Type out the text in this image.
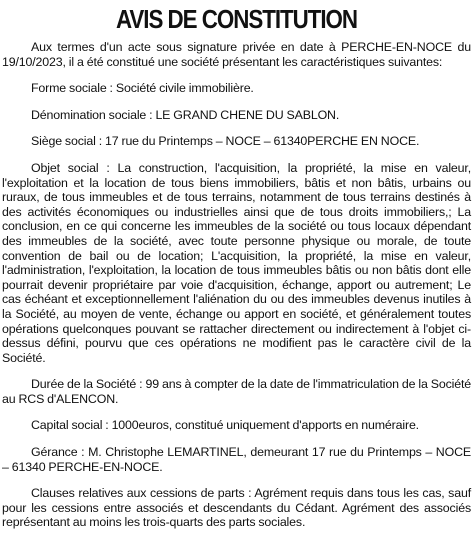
AVIS DE CONSTITUTION

Aux termes d'un acte sous signature privée en date à PERCHE-EN-NOCE du 19/10/2023, il a été constitué une société présentant les caractéristiques suivantes:

Forme sociale : Société civile immobilière.

Dénomination sociale : LE GRAND CHENE DU SABLON.

Siège social : 17 rue du Printemps – NOCE – 61340PERCHE EN NOCE.

Objet social : La construction, l'acquisition, la propriété, la mise en valeur, l'exploitation et la location de tous biens immobiliers, bâtis et non bâtis, urbains ou ruraux, de tous immeubles et de tous terrains, notamment de tous terrains destinés à des activités économiques ou industrielles ainsi que de tous droits immobiliers,; La conclusion, en ce qui concerne les immeubles de la société ou tous locaux dépendant des immeubles de la société, avec toute personne physique ou morale, de toute convention de bail ou de location; L'acquisition, la propriété, la mise en valeur, l'administration, l'exploitation, la location de tous immeubles bâtis ou non bâtis dont elle pourrait devenir propriétaire par voie d'acquisition, échange, apport ou autrement; Le cas échéant et exceptionnellement l'aliénation du ou des immeubles devenus inutiles à la Société, au moyen de vente, échange ou apport en société, et généralement toutes opérations quelconques pouvant se rattacher directement ou indirectement à l'objet ci-dessus défini, pourvu que ces opérations ne modifient pas le caractère civil de la Société.

Durée de la Société : 99 ans à compter de la date de l'immatriculation de la Société au RCS d'ALENCON.

Capital social : 1000euros, constitué uniquement d'apports en numéraire.

Gérance : M. Christophe LEMARTINEL, demeurant 17 rue du Printemps – NOCE – 61340 PERCHE-EN-NOCE.

Clauses relatives aux cessions de parts : Agrément requis dans tous les cas, sauf pour les cessions entre associés et descendants du Cédant. Agrément des associés représentant au moins les trois-quarts des parts sociales.
